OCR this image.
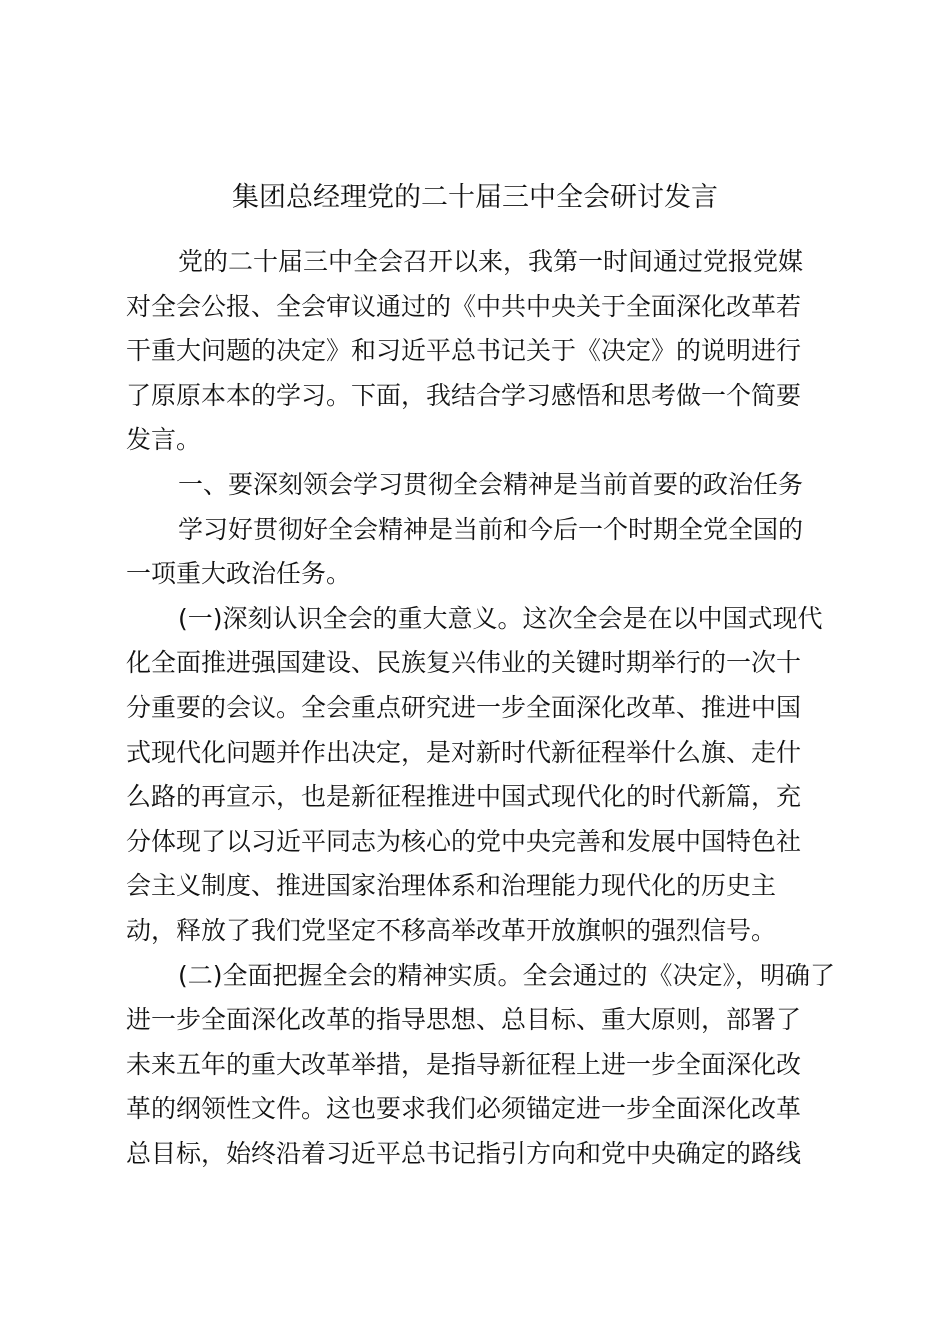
集团总经理党的二十届三中全会研讨发言
党的二十届三中全会召开以来，我第一时间通过党报党媒
对全会公报、全会审议通过的《中共中央关于全面深化改革若
干重大问题的决定》和习近平总书记关于《决定》的说明进行
了原原本本的学习。下面，我结合学习感悟和思考做一个简要
发言。
一、要深刻领会学习贯彻全会精神是当前首要的政治任务
学习好贯彻好全会精神是当前和今后一个时期全党全国的
一项重大政治任务。
(一)深刻认识全会的重大意义。这次全会是在以中国式现代
化全面推进强国建设、民族复兴伟业的关键时期举行的一次十
分重要的会议。全会重点研究进一步全面深化改革、推进中国
式现代化问题并作出决定，是对新时代新征程举什么旗、走什
么路的再宣示，也是新征程推进中国式现代化的时代新篇，充
分体现了以习近平同志为核心的党中央完善和发展中国特色社
会主义制度、推进国家治理体系和治理能力现代化的历史主
动，释放了我们党坚定不移高举改革开放旗帜的强烈信号。
(二)全面把握全会的精神实质。全会通过的《决定》，明确了
进一步全面深化改革的指导思想、总目标、重大原则，部署了
未来五年的重大改革举措，是指导新征程上进一步全面深化改
革的纲领性文件。这也要求我们必须锚定进一步全面深化改革
总目标，始终沿着习近平总书记指引方向和党中央确定的路线
